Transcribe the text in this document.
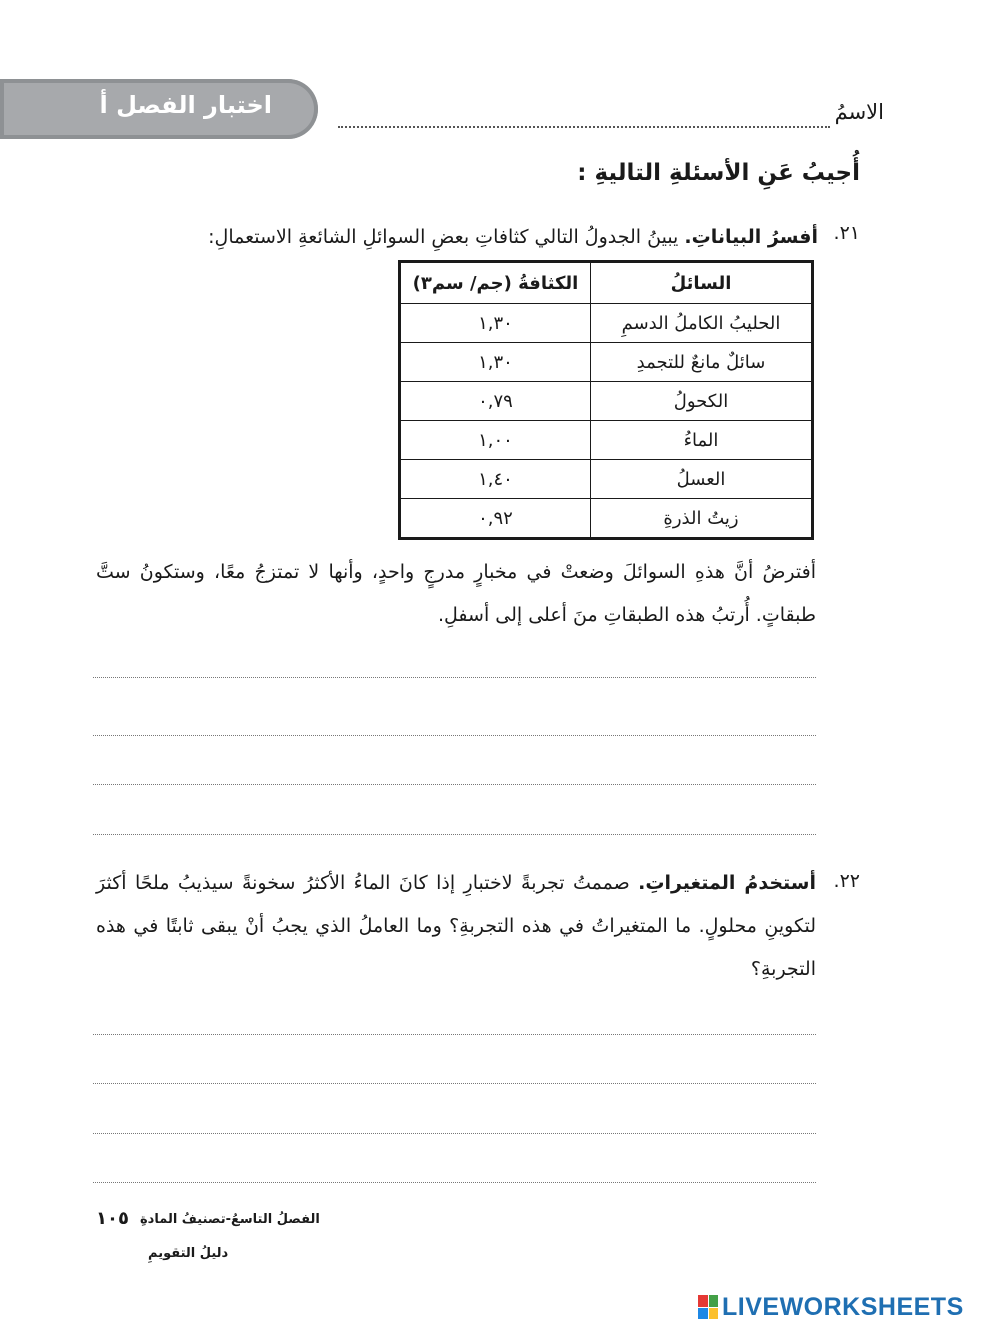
اختبار الفصل أ	الاسمُ
أُجيبُ عَنِ الأسئلةِ التاليةِ :
٢١.
أفسرُ البياناتِ. يبينُ الجدولُ التالي كثافاتِ بعضِ السوائلِ الشائعةِ الاستعمالِ:
السائلُ	الكثافةُ (جم/ سم٣)
الحليبُ الكاملُ الدسمِ	١,٣٠
سائلٌ مانعٌ للتجمدِ	١,٣٠
الكحولُ	٠,٧٩
الماءُ	١,٠٠
العسلُ	١,٤٠
زيتُ الذرةِ	٠,٩٢
أفترضُ أنَّ هذهِ السوائلَ وضعتْ في مخبارٍ مدرجٍ واحدٍ، وأنها لا تمتزجُ معًا، وستكونُ ستَّ طبقاتٍ. أُرتبُ هذه الطبقاتِ منَ أعلى إلى أسفلِ.
٢٢.
أستخدمُ المتغيراتِ. صممتُ تجربةً لاختبارِ إذا كانَ الماءُ الأكثرُ سخونةً سيذيبُ ملحًا أكثرَ لتكوينِ محلولٍ. ما المتغيراتُ في هذه التجربةِ؟ وما العاملُ الذي يجبُ أنْ يبقى ثابتًا في هذه التجربةِ؟
١٠٥ الفصلُ التاسعُ-تصنيفُ المادةِ
دليلُ التقويمِ
LIVEWORKSHEETS
